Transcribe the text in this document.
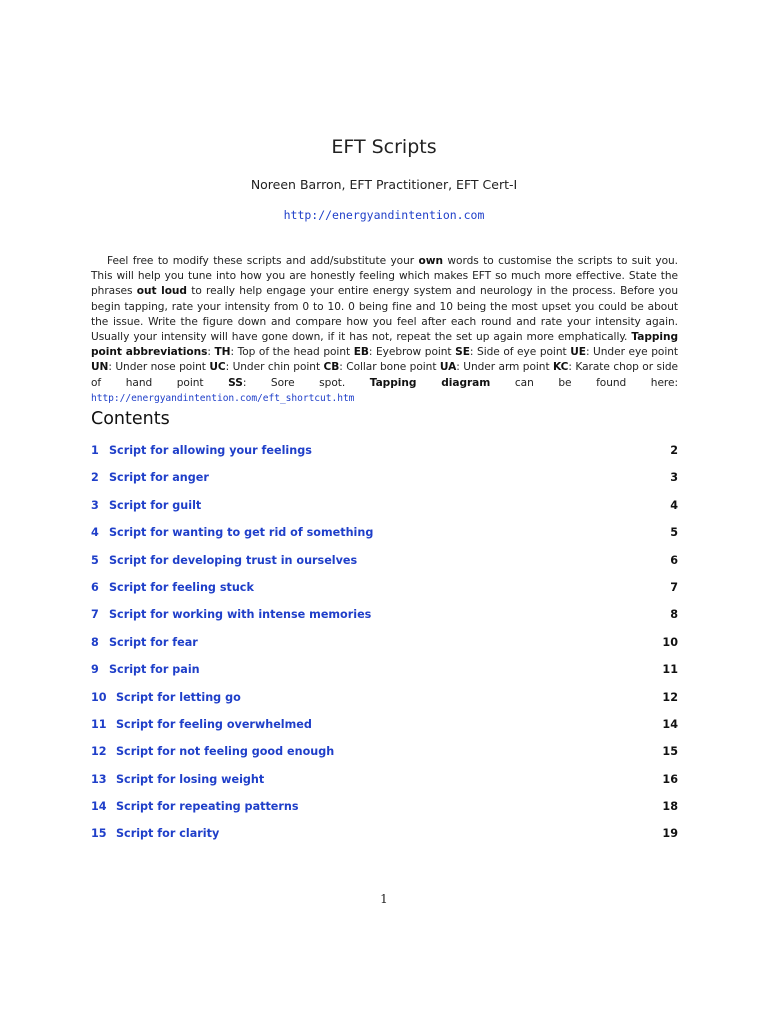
EFT Scripts
Noreen Barron, EFT Practitioner, EFT Cert-I
http://energyandintention.com
Feel free to modify these scripts and add/substitute your own words to customise the scripts to suit you. This will help you tune into how you are honestly feeling which makes EFT so much more effective. State the phrases out loud to really help engage your entire energy system and neurology in the process. Before you begin tapping, rate your intensity from 0 to 10. 0 being fine and 10 being the most upset you could be about the issue. Write the figure down and compare how you feel after each round and rate your intensity again. Usually your intensity will have gone down, if it has not, repeat the set up again more emphatically. Tapping point abbreviations: TH: Top of the head point EB: Eyebrow point SE: Side of eye point UE: Under eye point UN: Under nose point UC: Under chin point CB: Collar bone point UA: Under arm point KC: Karate chop or side of hand point SS: Sore spot. Tapping diagram can be found here: http://energyandintention.com/eft_shortcut.htm
Contents
1 Script for allowing your feelings	2
2 Script for anger	3
3 Script for guilt	4
4 Script for wanting to get rid of something	5
5 Script for developing trust in ourselves	6
6 Script for feeling stuck	7
7 Script for working with intense memories	8
8 Script for fear	10
9 Script for pain	11
10 Script for letting go	12
11 Script for feeling overwhelmed	14
12 Script for not feeling good enough	15
13 Script for losing weight	16
14 Script for repeating patterns	18
15 Script for clarity	19
1
